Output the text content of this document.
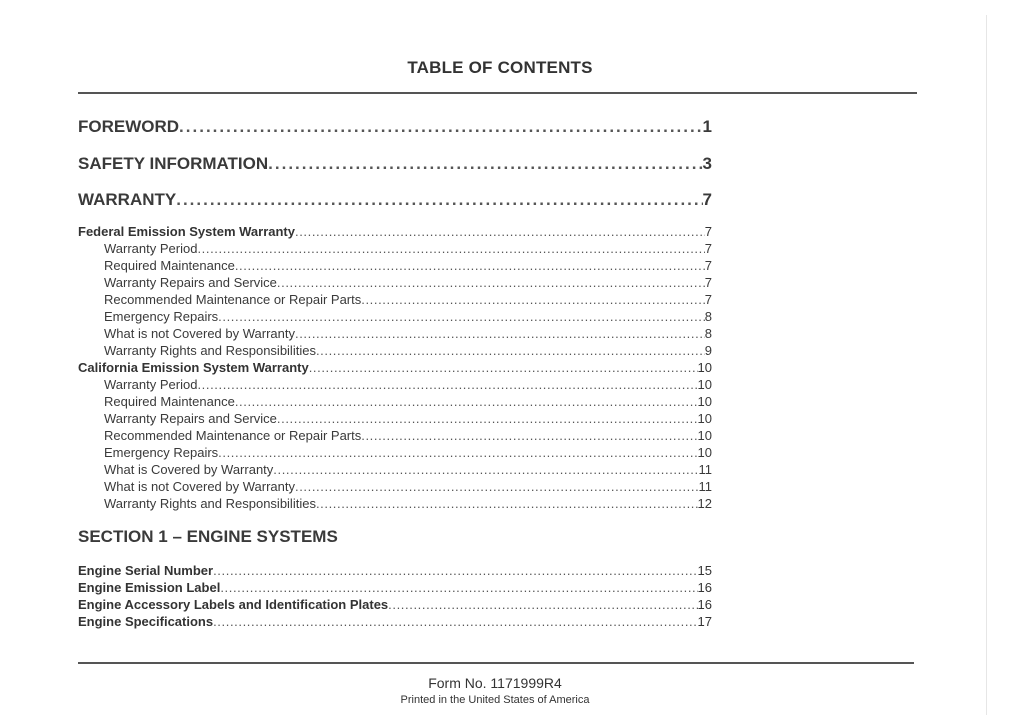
TABLE OF CONTENTS
FOREWORD .....	1
SAFETY INFORMATION .....	3
WARRANTY .....	7
Federal Emission System Warranty .....	7
Warranty Period .....	7
Required Maintenance .....	7
Warranty Repairs and Service .....	7
Recommended Maintenance or Repair Parts .....	7
Emergency Repairs .....	8
What is not Covered by Warranty .....	8
Warranty Rights and Responsibilities .....	9
California Emission System Warranty .....	10
Warranty Period .....	10
Required Maintenance .....	10
Warranty Repairs and Service .....	10
Recommended Maintenance or Repair Parts .....	10
Emergency Repairs .....	10
What is Covered by Warranty .....	11
What is not Covered by Warranty .....	11
Warranty Rights and Responsibilities .....	12
SECTION 1 – ENGINE SYSTEMS
Engine Serial Number .....	15
Engine Emission Label .....	16
Engine Accessory Labels and Identification Plates .....	16
Engine Specifications .....	17
Form No. 1171999R4
Printed in the United States of America
